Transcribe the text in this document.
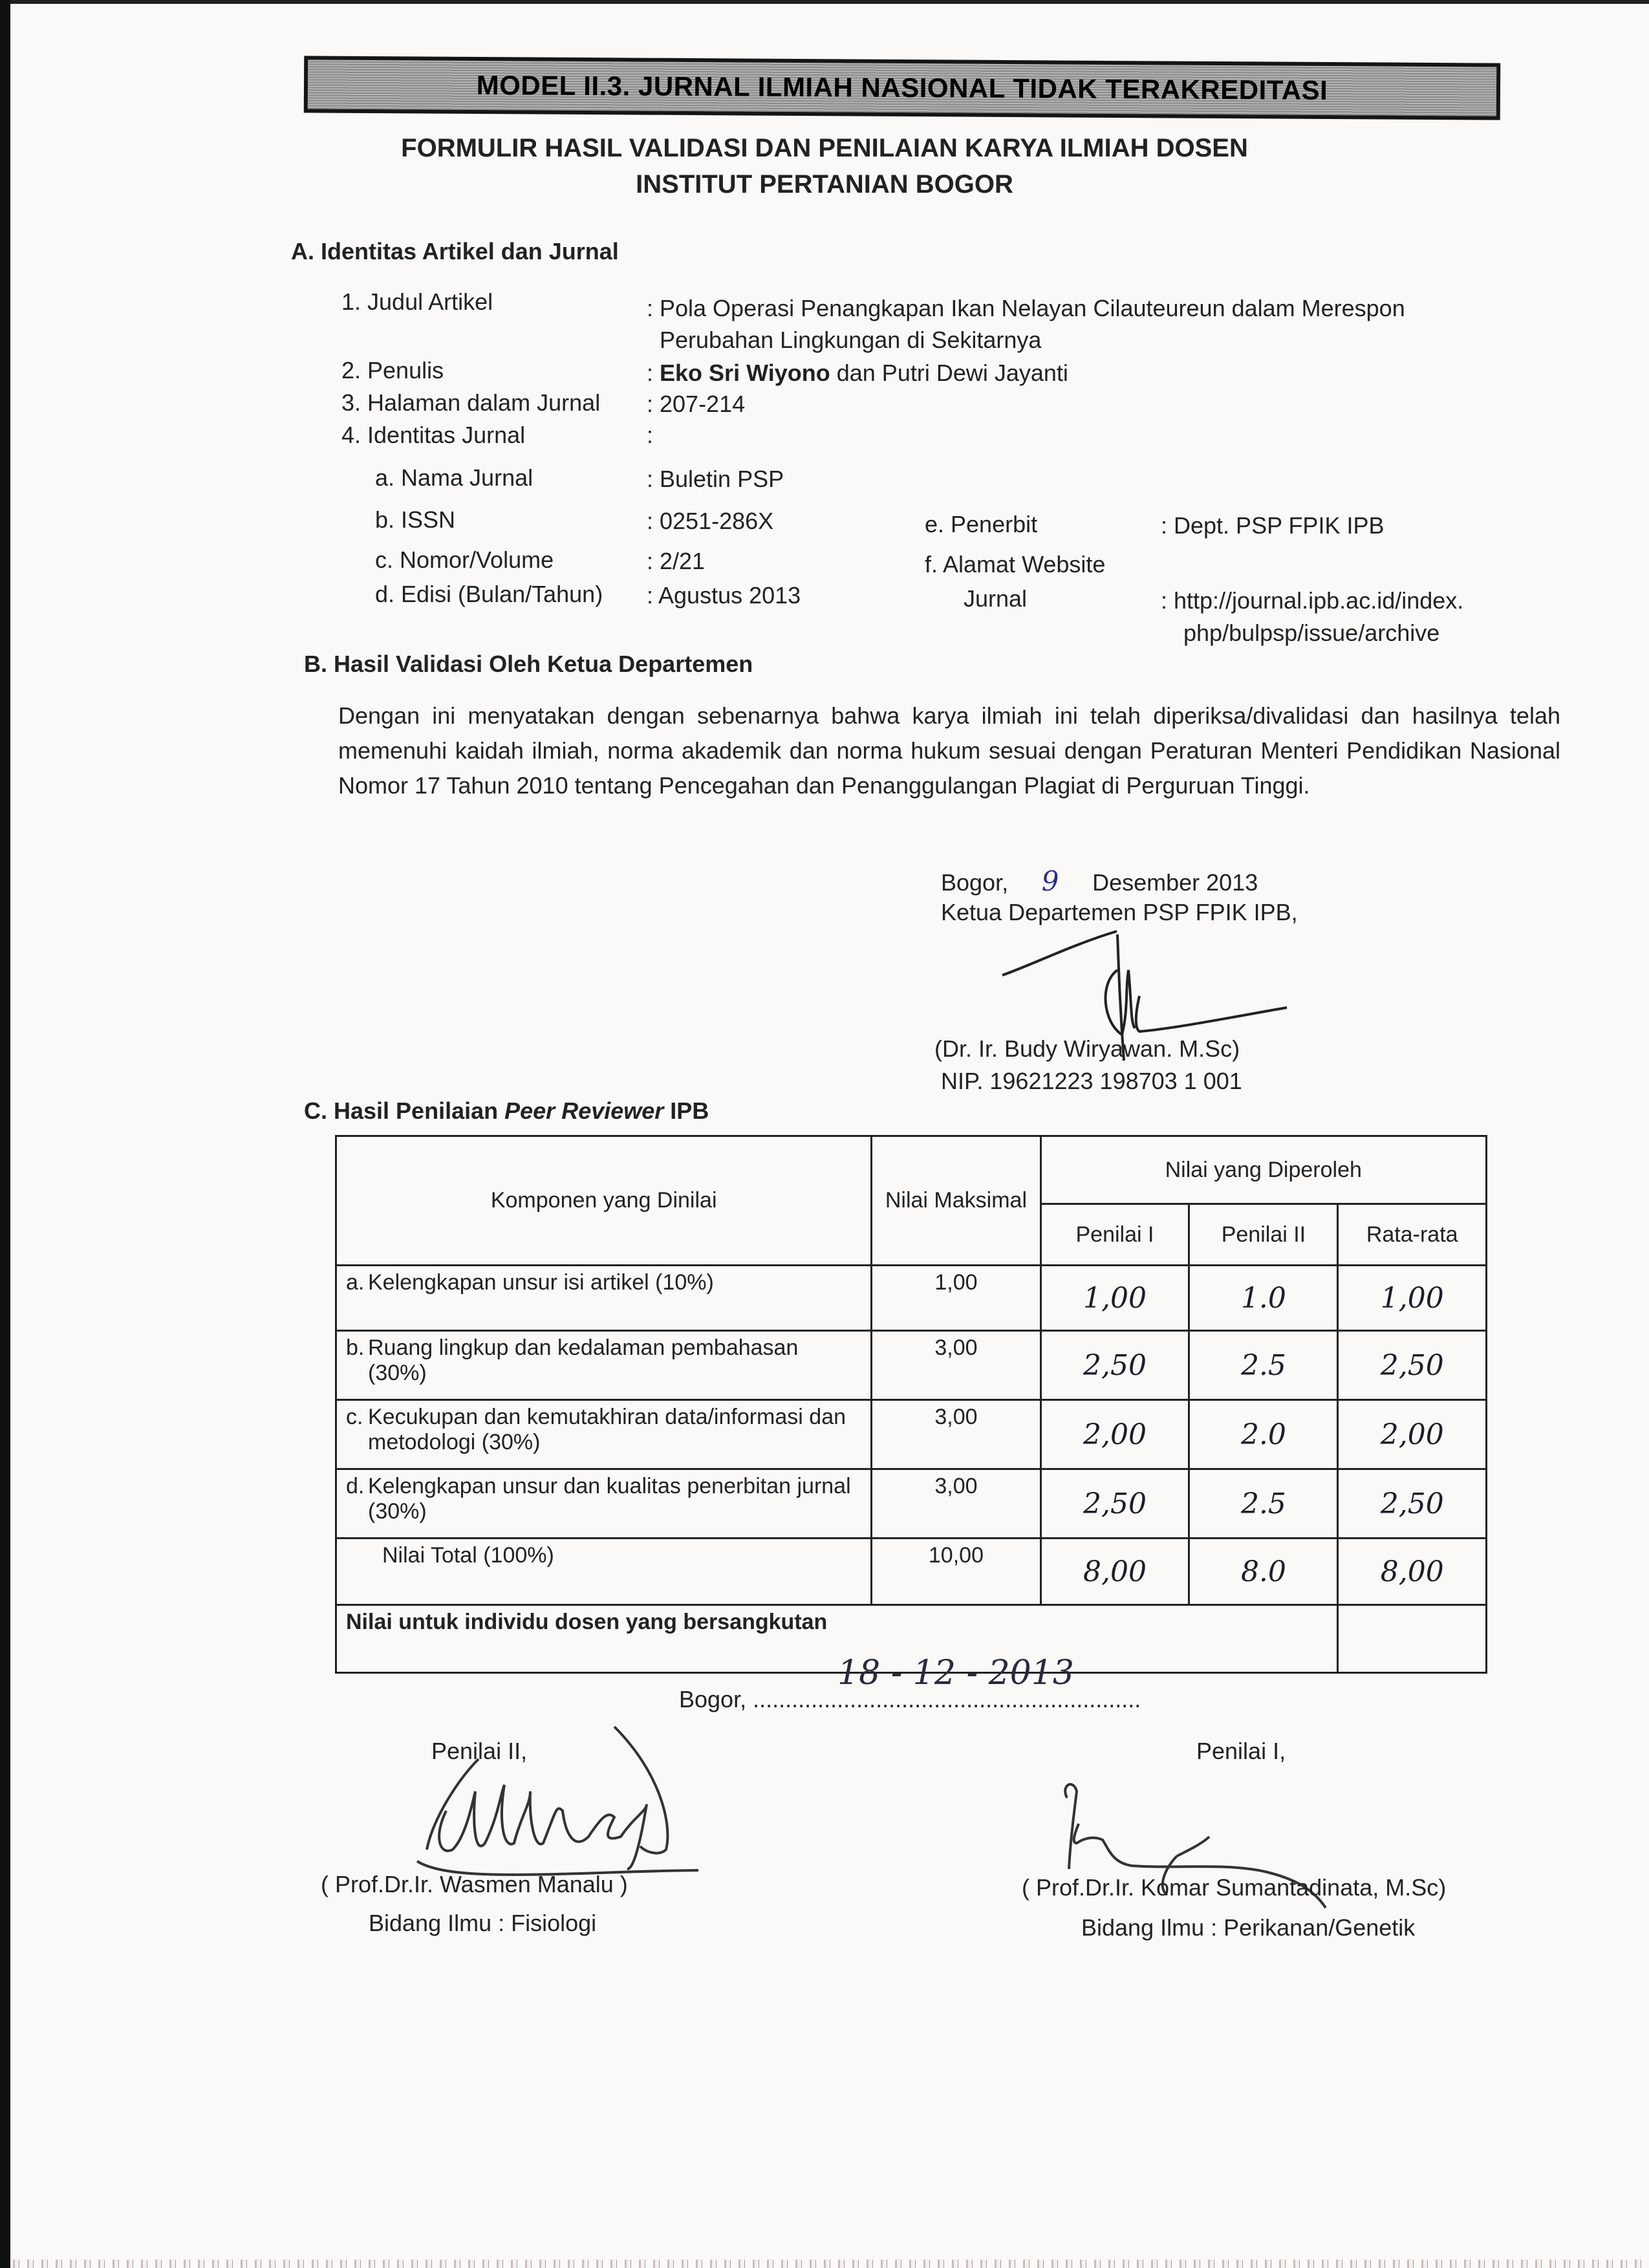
MODEL II.3. JURNAL ILMIAH NASIONAL TIDAK TERAKREDITASI
FORMULIR HASIL VALIDASI DAN PENILAIAN KARYA ILMIAH DOSEN
INSTITUT PERTANIAN BOGOR
A. Identitas Artikel dan Jurnal
1. Judul Artikel	: Pola Operasi Penangkapan Ikan Nelayan Cilauteureun dalam Merespon
Perubahan Lingkungan di Sekitarnya
2. Penulis	: Eko Sri Wiyono dan Putri Dewi Jayanti
3. Halaman dalam Jurnal : 207-214
4. Identitas Jurnal	:
a. Nama Jurnal	: Buletin PSP
b. ISSN	: 0251-286X
c. Nomor/Volume	: 2/21
d. Edisi (Bulan/Tahun) : Agustus 2013
e. Penerbit	: Dept. PSP FPIK IPB
f. Alamat Website
Jurnal	: http://journal.ipb.ac.id/index.
php/bulpsp/issue/archive
B. Hasil Validasi Oleh Ketua Departemen
Dengan ini menyatakan dengan sebenarnya bahwa karya ilmiah ini telah diperiksa/divalidasi dan hasilnya telah memenuhi kaidah ilmiah, norma akademik dan norma hukum sesuai dengan Peraturan Menteri Pendidikan Nasional Nomor 17 Tahun 2010 tentang Pencegahan dan Penanggulangan Plagiat di Perguruan Tinggi.
Bogor, 9 Desember 2013
Ketua Departemen PSP FPIK IPB,
(Dr. Ir. Budy Wiryawan. M.Sc)
NIP. 19621223 198703 1 001
C. Hasil Penilaian Peer Reviewer IPB
Komponen yang Dinilai	Nilai Maksimal	Nilai yang Diperoleh		
		Penilai I	Penilai II	Rata-rata

a. Kelengkapan unsur isi artikel (10%)	1,00	1,00	1.0	1,00

b. Ruang lingkup dan kedalaman pembahasan (30%)	3,00	2,50	2.5	2,50

c. Kecukupan dan kemutakhiran data/informasi dan metodologi (30%)	3,00	2,00	2.0	2,00

d. Kelengkapan unsur dan kualitas penerbitan jurnal (30%)	3,00	2,50	2.5	2,50
Nilai Total (100%)	10,00	8,00	8.0	8,00
Nilai untuk individu dosen yang bersangkutan				
Bogor, ............................................................
18 - 12 - 2013
Penilai II,
( Prof.Dr.Ir. Wasmen Manalu )
Bidang Ilmu : Fisiologi
Penilai I,
( Prof.Dr.Ir. Komar Sumantadinata, M.Sc)
Bidang Ilmu : Perikanan/Genetik
